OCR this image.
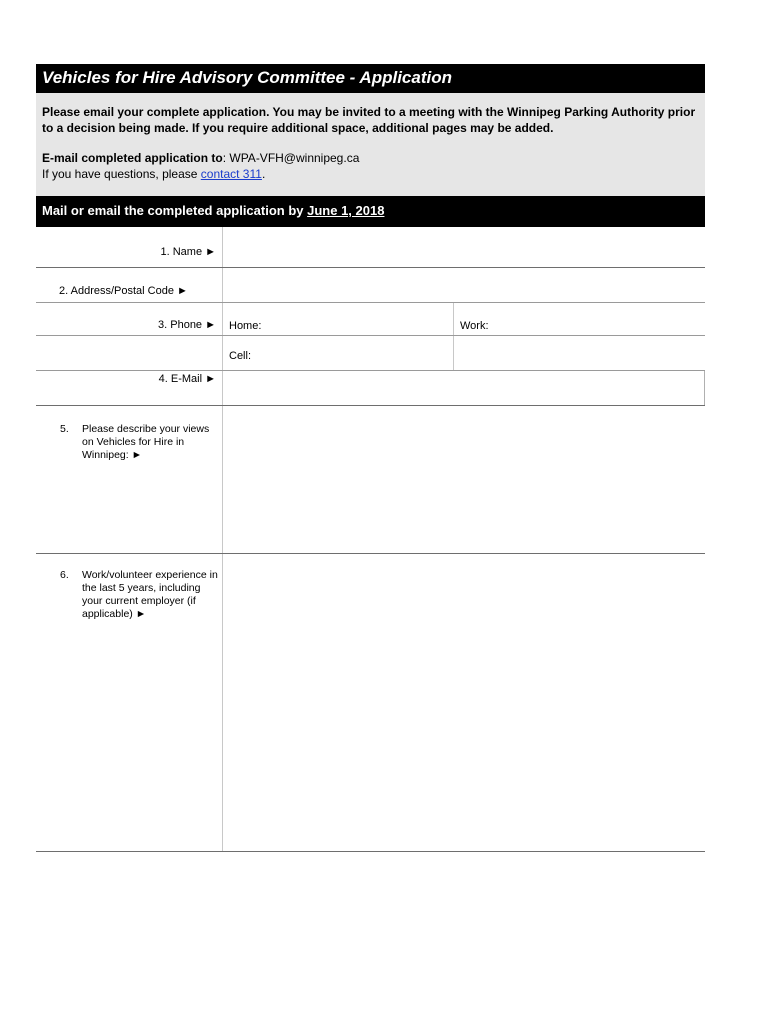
Vehicles for Hire Advisory Committee - Application
Please email your complete application. You may be invited to a meeting with the Winnipeg Parking Authority prior to a decision being made. If you require additional space, additional pages may be added.
E-mail completed application to: WPA-VFH@winnipeg.ca
If you have questions, please contact 311.
Mail or email the completed application by June 1, 2018
1. Name ►
2. Address/Postal Code ►
3. Phone ► Home:	Work:
Cell:
4. E-Mail ►
5. Please describe your views on Vehicles for Hire in Winnipeg: ►
6. Work/volunteer experience in the last 5 years, including your current employer (if applicable) ►
